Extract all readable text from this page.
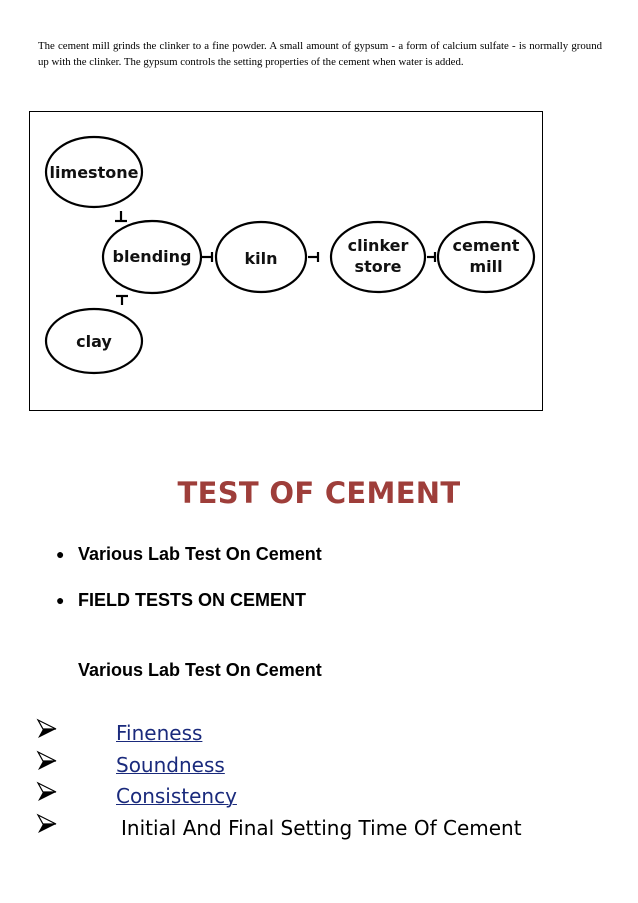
The cement mill grinds the clinker to a fine powder. A small amount of gypsum - a form of calcium sulfate - is normally ground up with the clinker. The gypsum controls the setting properties of the cement when water is added.

limestone
clay
blending	kiln
clinker
store
cement
mill
TEST OF CEMENT
● Various Lab Test On Cement
● FIELD TESTS ON CEMENT

Various Lab Test On Cement

Fineness
Soundness
Consistency
Initial And Final Setting Time Of Cement
